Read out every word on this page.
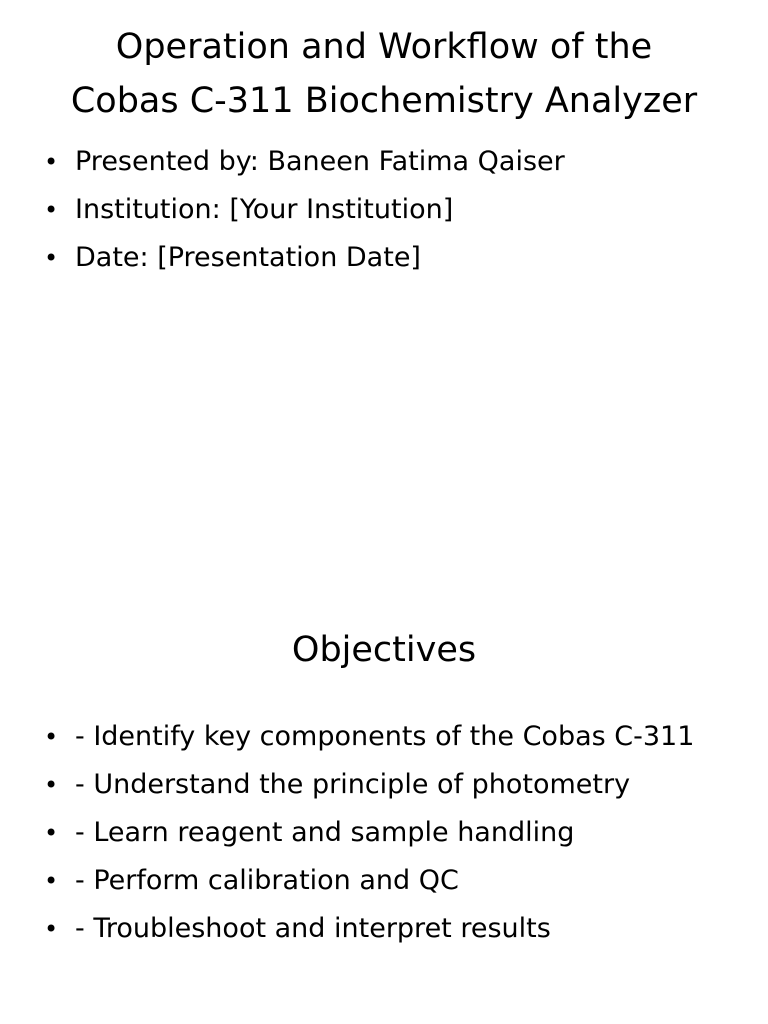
Operation and Workflow of the
Cobas C-311 Biochemistry Analyzer
• Presented by: Baneen Fatima Qaiser
• Institution: [Your Institution]
• Date: [Presentation Date]
Objectives
• - Identify key components of the Cobas C-311
• - Understand the principle of photometry
• - Learn reagent and sample handling
• - Perform calibration and QC
• - Troubleshoot and interpret results
